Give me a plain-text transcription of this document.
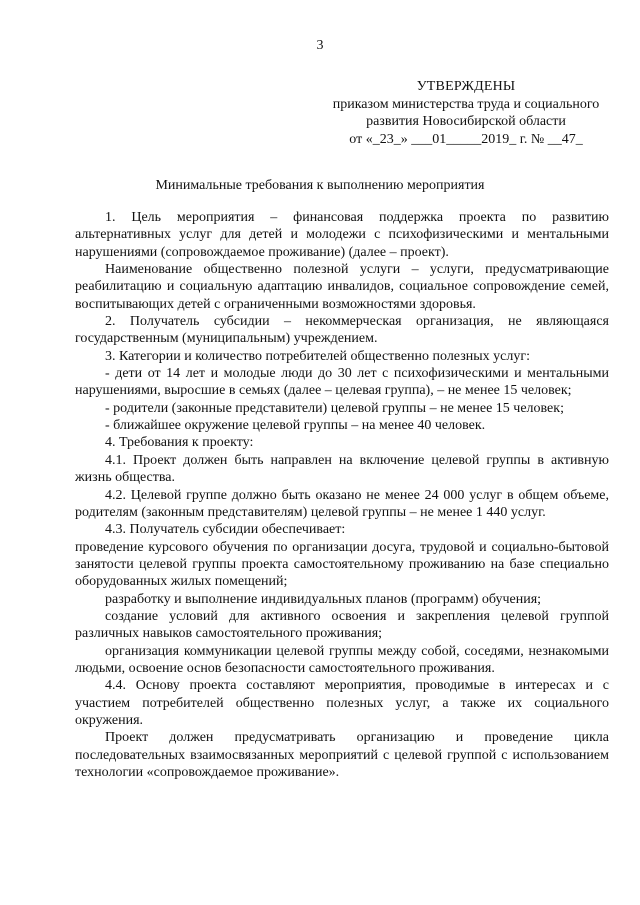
3
УТВЕРЖДЕНЫ
приказом министерства труда и социального
развития Новосибирской области
от «_23_» ___01_____2019_ г. № __47_
Минимальные требования к выполнению мероприятия

1. Цель мероприятия – финансовая поддержка проекта по развитию альтернативных услуг для детей и молодежи с психофизическими и ментальными нарушениями (сопровождаемое проживание) (далее – проект).

Наименование общественно полезной услуги – услуги, предусматривающие реабилитацию и социальную адаптацию инвалидов, социальное сопровождение семей, воспитывающих детей с ограниченными возможностями здоровья.

2. Получатель субсидии – некоммерческая организация, не являющаяся государственным (муниципальным) учреждением.

3. Категории и количество потребителей общественно полезных услуг:

- дети от 14 лет и молодые люди до 30 лет с психофизическими и ментальными нарушениями, выросшие в семьях (далее – целевая группа), – не менее 15 человек;

- родители (законные представители) целевой группы – не менее 15 человек;

- ближайшее окружение целевой группы – на менее 40 человек.

4. Требования к проекту:

4.1. Проект должен быть направлен на включение целевой группы в активную жизнь общества.

4.2. Целевой группе должно быть оказано не менее 24 000 услуг в общем объеме, родителям (законным представителям) целевой группы – не менее 1 440 услуг.

4.3. Получатель субсидии обеспечивает:

проведение курсового обучения по организации досуга, трудовой и социально-бытовой занятости целевой группы проекта самостоятельному проживанию на базе специально оборудованных жилых помещений;

разработку и выполнение индивидуальных планов (программ) обучения;

создание условий для активного освоения и закрепления целевой группой различных навыков самостоятельного проживания;

организация коммуникации целевой группы между собой, соседями, незнакомыми людьми, освоение основ безопасности самостоятельного проживания.

4.4. Основу проекта составляют мероприятия, проводимые в интересах и с участием потребителей общественно полезных услуг, а также их социального окружения.

Проект должен предусматривать организацию и проведение цикла последовательных взаимосвязанных мероприятий с целевой группой с использованием технологии «сопровождаемое проживание».
